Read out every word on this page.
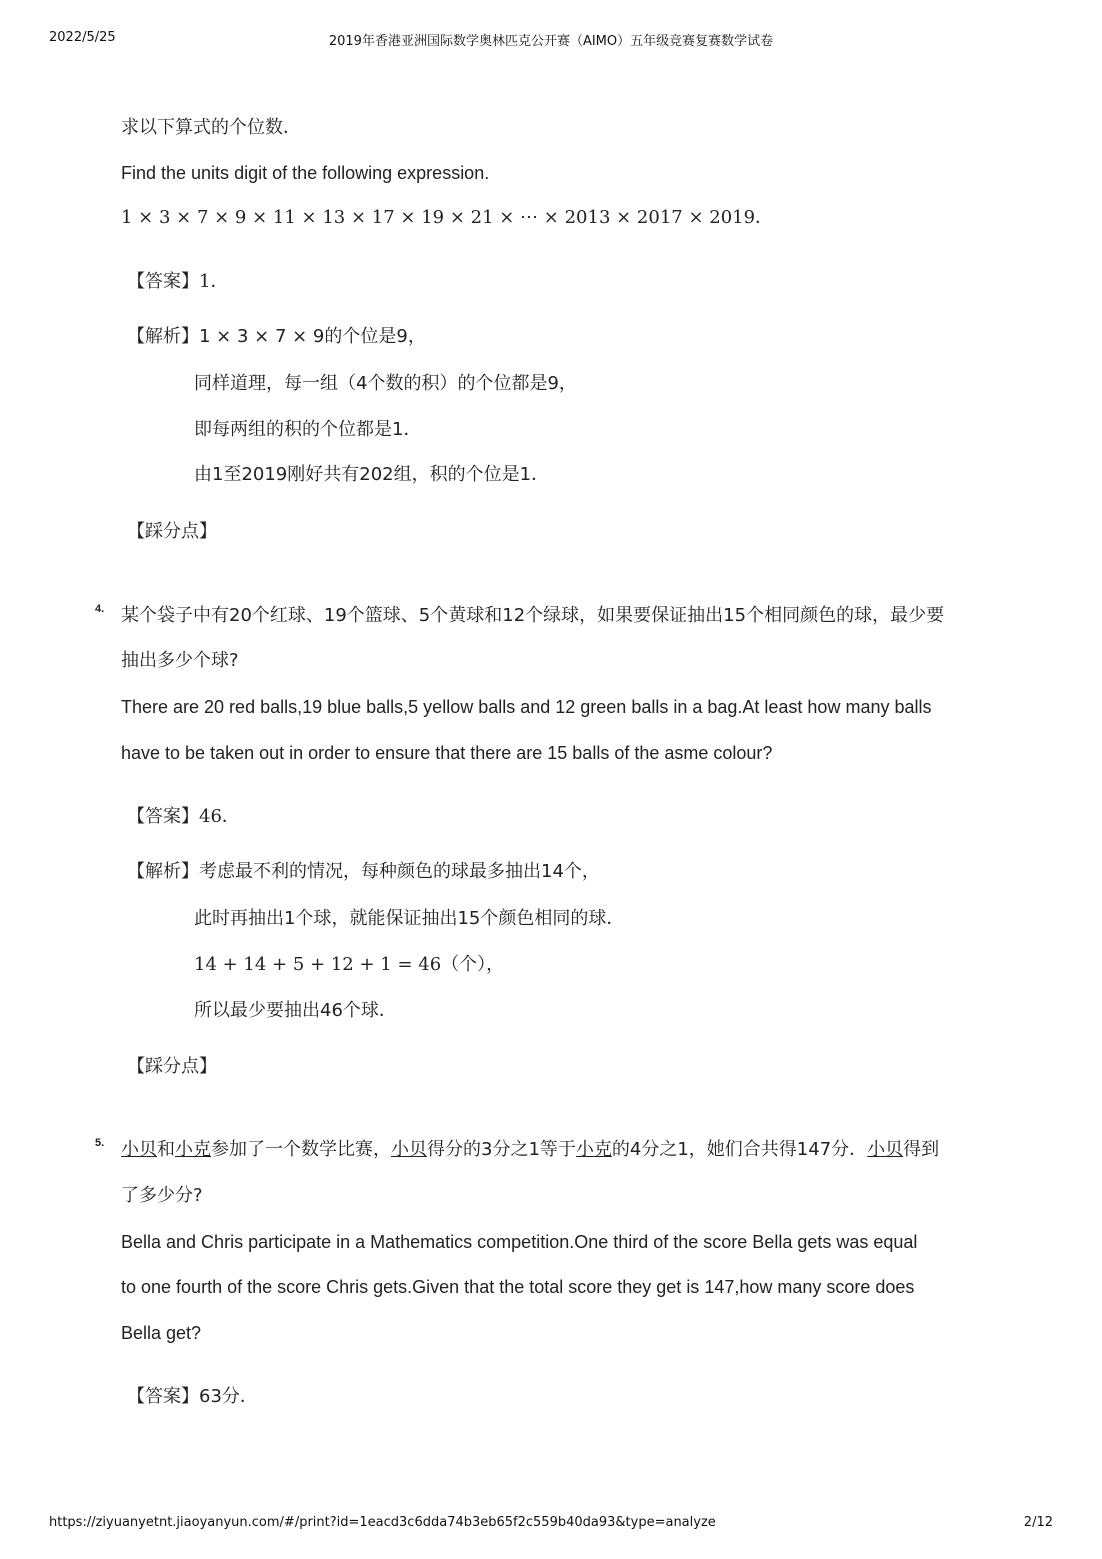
2022/5/25	2019年香港亚洲国际数学奥林匹克公开赛（AIMO）五年级竞赛复赛数学试卷
求以下算式的个位数．
Find the units digit of the following expression.
1 × 3 × 7 × 9 × 11 × 13 × 17 × 19 × 21 × ⋯ × 2013 × 2017 × 2019．
【答案】1．
【解析】1 × 3 × 7 × 9的个位是9，
同样道理，每一组（4个数的积）的个位都是9，
即每两组的积的个位都是1．
由1至2019刚好共有202组，积的个位是1．
【踩分点】
4. 某个袋子中有20个红球、19个篮球、5个黄球和12个绿球，如果要保证抽出15个相同颜色的球，最少要
抽出多少个球?
There are 20 red balls,19 blue balls,5 yellow balls and 12 green balls in a bag.At least how many balls
have to be taken out in order to ensure that there are 15 balls of the asme colour?
【答案】46．
【解析】考虑最不利的情况，每种颜色的球最多抽出14个，
此时再抽出1个球，就能保证抽出15个颜色相同的球．
14 + 14 + 5 + 12 + 1 = 46（个），
所以最少要抽出46个球．
【踩分点】
5. 小贝和小克参加了一个数学比赛，小贝得分的3分之1等于小克的4分之1，她们合共得147分．小贝得到
了多少分?
Bella and Chris participate in a Mathematics competition.One third of the score Bella gets was equal
to one fourth of the score Chris gets.Given that the total score they get is 147,how many score does
Bella get?
【答案】63分．
https://ziyuanyetnt.jiaoyanyun.com/#/print?id=1eacd3c6dda74b3eb65f2c559b40da93&type=analyze	2/12
